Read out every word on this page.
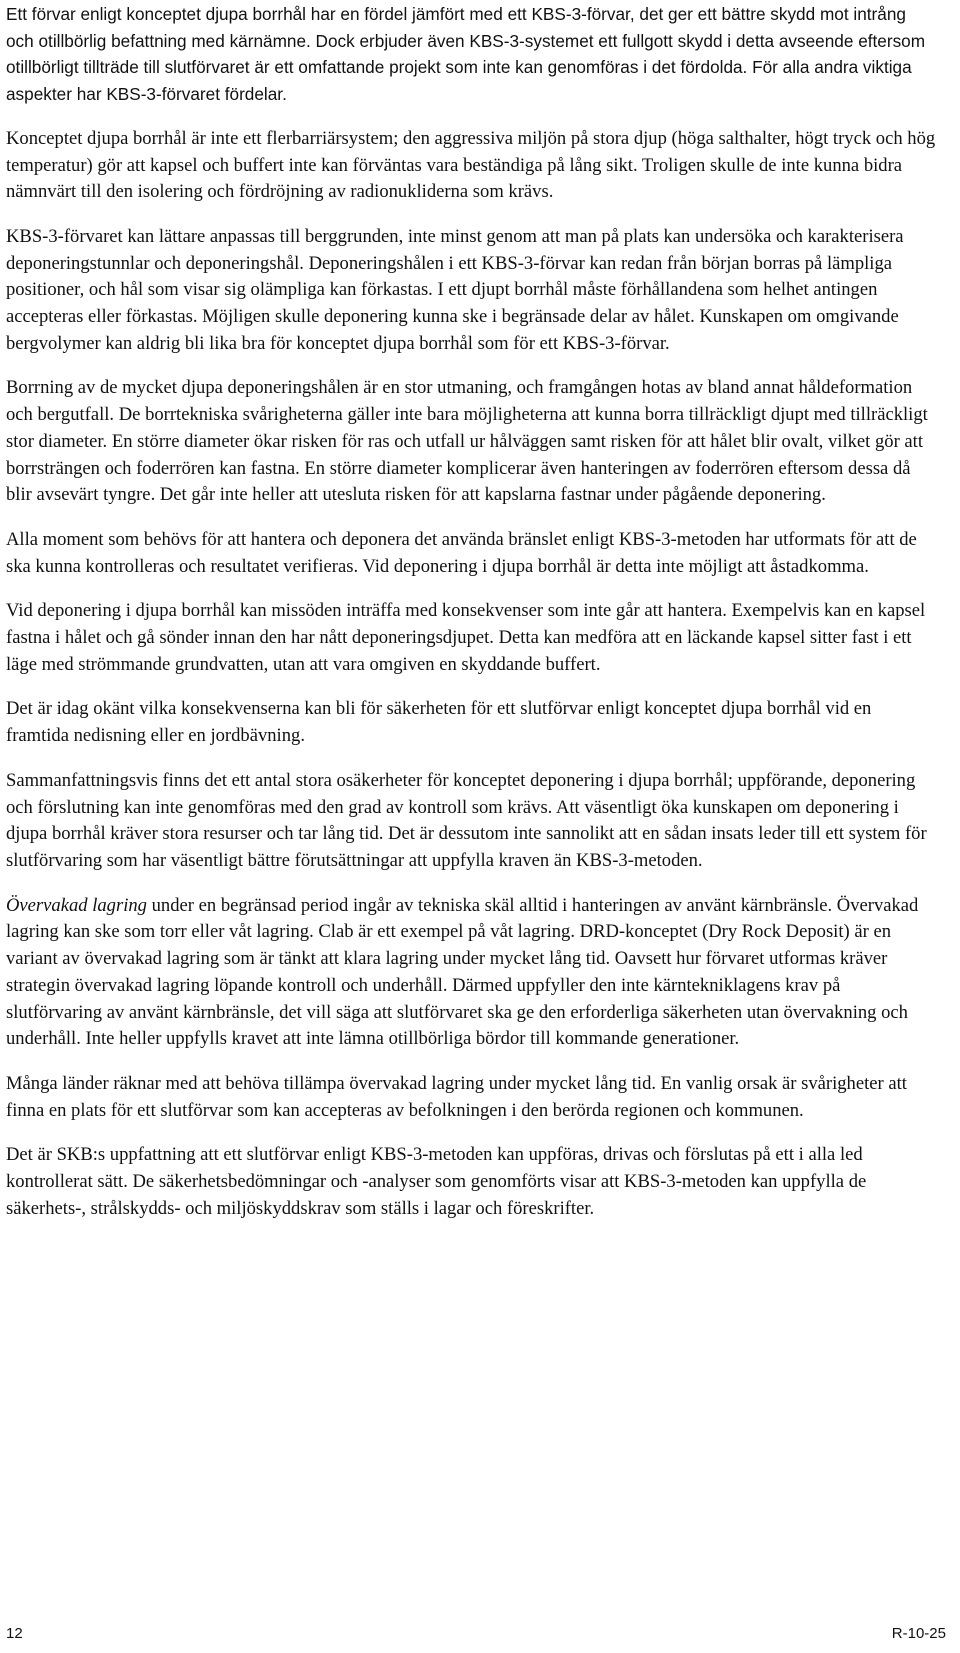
Ett förvar enligt konceptet djupa borrhål har en fördel jämfört med ett KBS-3-förvar, det ger ett bättre skydd mot intrång och otillbörlig befattning med kärnämne. Dock erbjuder även KBS-3-systemet ett fullgott skydd i detta avseende eftersom otillbörligt tillträde till slutförvaret är ett omfattande projekt som inte kan genomföras i det fördolda. För alla andra viktiga aspekter har KBS-3-förvaret fördelar.

Konceptet djupa borrhål är inte ett flerbarriärsystem; den aggressiva miljön på stora djup (höga salthalter, högt tryck och hög temperatur) gör att kapsel och buffert inte kan förväntas vara beständiga på lång sikt. Troligen skulle de inte kunna bidra nämnvärt till den isolering och fördröjning av radionukliderna som krävs.

KBS-3-förvaret kan lättare anpassas till berggrunden, inte minst genom att man på plats kan undersöka och karakterisera deponeringstunnlar och deponeringshål. Deponeringshålen i ett KBS-3-förvar kan redan från början borras på lämpliga positioner, och hål som visar sig olämpliga kan förkastas. I ett djupt borrhål måste förhållandena som helhet antingen accepteras eller förkastas. Möjligen skulle deponering kunna ske i begränsade delar av hålet. Kunskapen om omgivande bergvolymer kan aldrig bli lika bra för konceptet djupa borrhål som för ett KBS-3-förvar.

Borrning av de mycket djupa deponeringshålen är en stor utmaning, och framgången hotas av bland annat håldeformation och bergutfall. De borrtekniska svårigheterna gäller inte bara möjligheterna att kunna borra tillräckligt djupt med tillräckligt stor diameter. En större diameter ökar risken för ras och utfall ur hålväggen samt risken för att hålet blir ovalt, vilket gör att borrsträngen och foderrören kan fastna. En större diameter komplicerar även hanteringen av foderrören eftersom dessa då blir avsevärt tyngre. Det går inte heller att utesluta risken för att kapslarna fastnar under pågående deponering.

Alla moment som behövs för att hantera och deponera det använda bränslet enligt KBS-3-metoden har utformats för att de ska kunna kontrolleras och resultatet verifieras. Vid deponering i djupa borrhål är detta inte möjligt att åstadkomma.

Vid deponering i djupa borrhål kan missöden inträffa med konsekvenser som inte går att hantera. Exempelvis kan en kapsel fastna i hålet och gå sönder innan den har nått deponeringsdjupet. Detta kan medföra att en läckande kapsel sitter fast i ett läge med strömmande grundvatten, utan att vara omgiven en skyddande buffert.

Det är idag okänt vilka konsekvenserna kan bli för säkerheten för ett slutförvar enligt konceptet djupa borrhål vid en framtida nedisning eller en jordbävning.

Sammanfattningsvis finns det ett antal stora osäkerheter för konceptet deponering i djupa borrhål; uppförande, deponering och förslutning kan inte genomföras med den grad av kontroll som krävs. Att väsentligt öka kunskapen om deponering i djupa borrhål kräver stora resurser och tar lång tid. Det är dessutom inte sannolikt att en sådan insats leder till ett system för slutförvaring som har väsentligt bättre förutsättningar att uppfylla kraven än KBS-3-metoden.

Övervakad lagring under en begränsad period ingår av tekniska skäl alltid i hanteringen av använt kärnbränsle. Övervakad lagring kan ske som torr eller våt lagring. Clab är ett exempel på våt lagring. DRD-konceptet (Dry Rock Deposit) är en variant av övervakad lagring som är tänkt att klara lagring under mycket lång tid. Oavsett hur förvaret utformas kräver strategin övervakad lagring löpande kontroll och underhåll. Därmed uppfyller den inte kärntekniklagens krav på slutförvaring av använt kärnbränsle, det vill säga att slutförvaret ska ge den erforderliga säkerheten utan övervakning och underhåll. Inte heller uppfylls kravet att inte lämna otillbörliga bördor till kommande generationer.

Många länder räknar med att behöva tillämpa övervakad lagring under mycket lång tid. En vanlig orsak är svårigheter att finna en plats för ett slutförvar som kan accepteras av befolkningen i den berörda regionen och kommunen.

Det är SKB:s uppfattning att ett slutförvar enligt KBS-3-metoden kan uppföras, drivas och förslutas på ett i alla led kontrollerat sätt. De säkerhetsbedömningar och -analyser som genomförts visar att KBS-3-metoden kan uppfylla de säkerhets-, strålskydds- och miljöskyddskrav som ställs i lagar och föreskrifter.

12	R-10-25
